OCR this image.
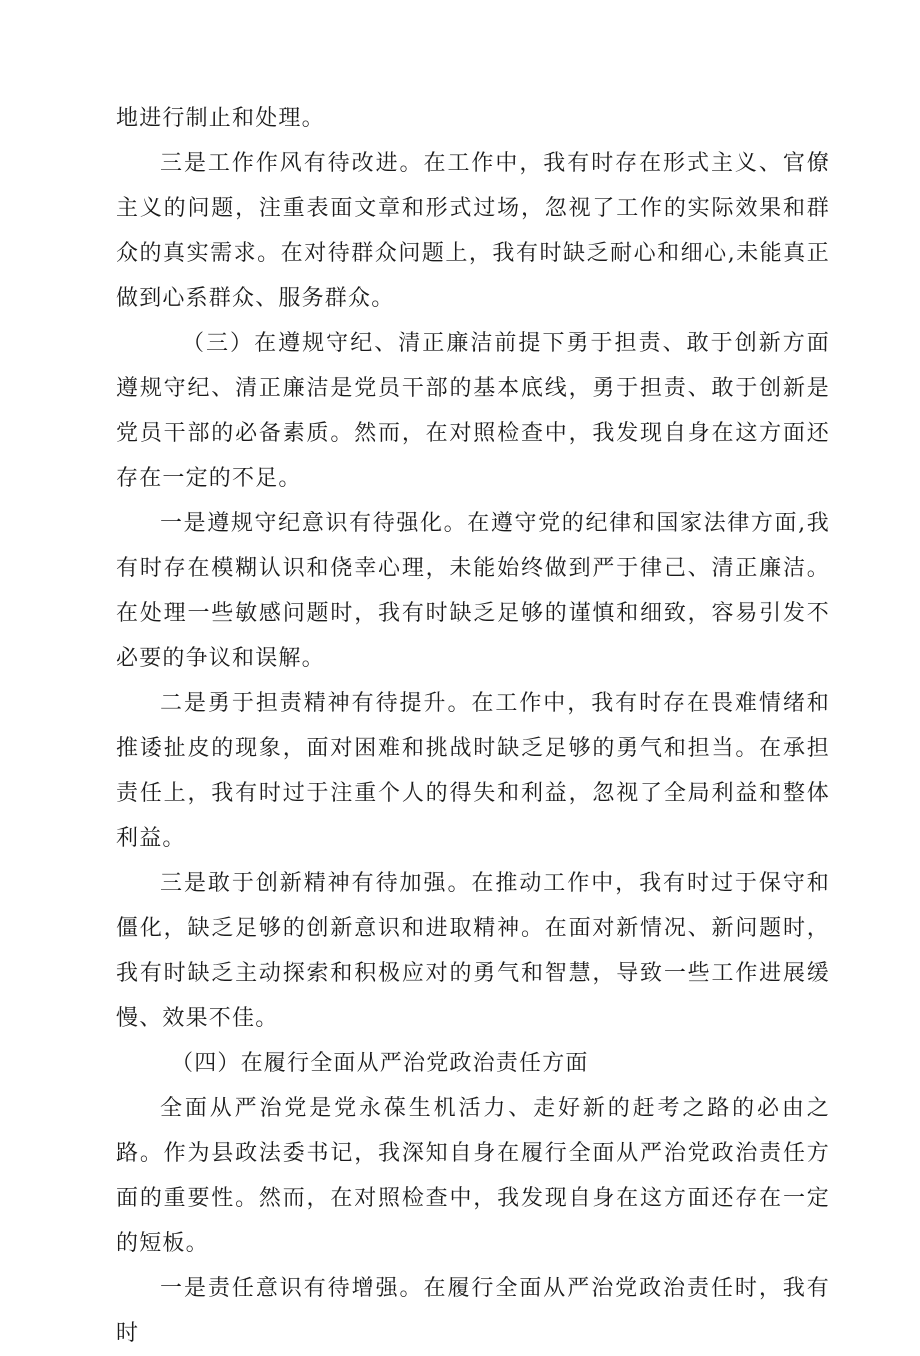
地进行制止和处理。

三是工作作风有待改进。在工作中，我有时存在形式主义、官僚主义的问题，注重表面文章和形式过场，忽视了工作的实际效果和群众的真实需求。在对待群众问题上，我有时缺乏耐心和细心,未能真正做到心系群众、服务群众。

（三）在遵规守纪、清正廉洁前提下勇于担责、敢于创新方面遵规守纪、清正廉洁是党员干部的基本底线，勇于担责、敢于创新是党员干部的必备素质。然而，在对照检查中，我发现自身在这方面还存在一定的不足。

一是遵规守纪意识有待强化。在遵守党的纪律和国家法律方面,我有时存在模糊认识和侥幸心理，未能始终做到严于律己、清正廉洁。在处理一些敏感问题时，我有时缺乏足够的谨慎和细致，容易引发不必要的争议和误解。

二是勇于担责精神有待提升。在工作中，我有时存在畏难情绪和推诿扯皮的现象，面对困难和挑战时缺乏足够的勇气和担当。在承担责任上，我有时过于注重个人的得失和利益，忽视了全局利益和整体利益。

三是敢于创新精神有待加强。在推动工作中，我有时过于保守和僵化，缺乏足够的创新意识和进取精神。在面对新情况、新问题时，我有时缺乏主动探索和积极应对的勇气和智慧，导致一些工作进展缓慢、效果不佳。

（四）在履行全面从严治党政治责任方面

全面从严治党是党永葆生机活力、走好新的赶考之路的必由之路。作为县政法委书记，我深知自身在履行全面从严治党政治责任方面的重要性。然而，在对照检查中，我发现自身在这方面还存在一定的短板。

一是责任意识有待增强。在履行全面从严治党政治责任时，我有时
